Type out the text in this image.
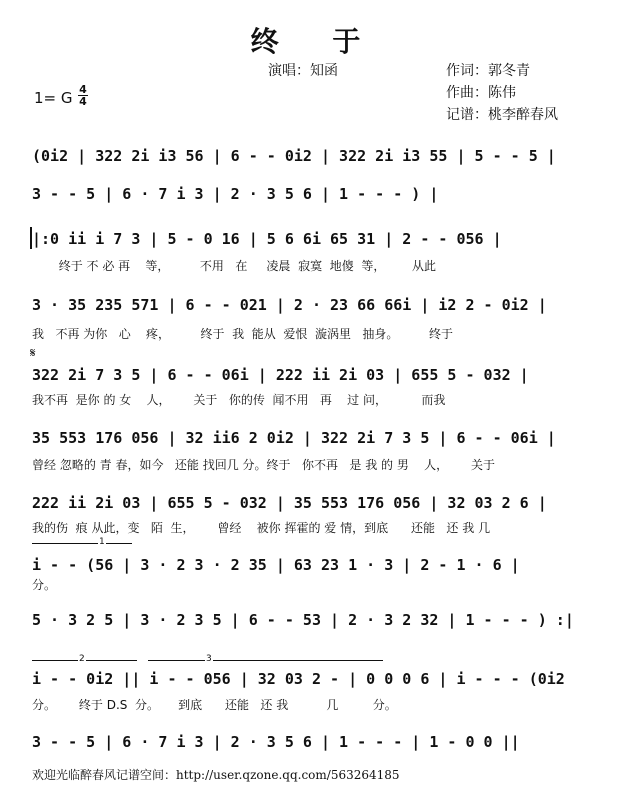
终 于
演唱：知函	作词：郭冬青
作曲：陈伟
记谱：桃李醉春风
1= G 4
4
(0i2 | 322 2i i3 56 | 6 - - 0i2 | 322 2i i3 55 | 5 - - 5 |
3 - - 5 | 6 · 7 i 3 | 2 · 3 5 6 | 1 - - - ) |
|:0 ii i 7 3 | 5 - 0 16 | 5 6 6i 65 31 | 2 - - 056 |
终于 不 必 再    等，        不用   在     凌晨  寂寞  地傻  等，       从此
3 · 35 235 571 | 6 - - 021 | 2 · 23 66 66i | i2 2 - 0i2 |
我   不再 为你   心    疼，        终于  我  能从  爱恨  漩涡里   抽身。        终于
𝄋
322 2i 7 3 5 | 6 - - 06i | 222 ii 2i 03 | 655 5 - 032 |
我不再  是你 的 女    人，      关于   你的传  闻不用   再    过 问，         而我
35 553 176 056 | 32 ii6 2 0i2 | 322 2i 7 3 5 | 6 - - 06i |
曾经 忽略的 青 春，如今   还能 找回几 分。终于   你不再   是 我 的 男    人，      关于
222 ii 2i 03 | 655 5 - 032 | 35 553 176 056 | 32 03 2 6 |
我的伤  痕 从此，变   陌  生，      曾经    被你 挥霍的 爱 情，到底      还能   还 我 几
1
i - - (56 | 3 · 2 3 · 2 35 | 63 23 1 · 3 | 2 - 1 · 6 |
分。
5 · 3 2 5 | 3 · 2 3 5 | 6 - - 53 | 2 · 3 2 32 | 1 - - - ) :|
2	3
i - - 0i2 || i - - 056 | 32 03 2 - | 0 0 0 6 | i - - - (0i2
分。      终于 D.S  分。     到底      还能   还 我          几         分。
3 - - 5 | 6 · 7 i 3 | 2 · 3 5 6 | 1 - - - | 1 - 0 0 ||
欢迎光临醉春风记谱空间：http://user.qzone.qq.com/563264185
